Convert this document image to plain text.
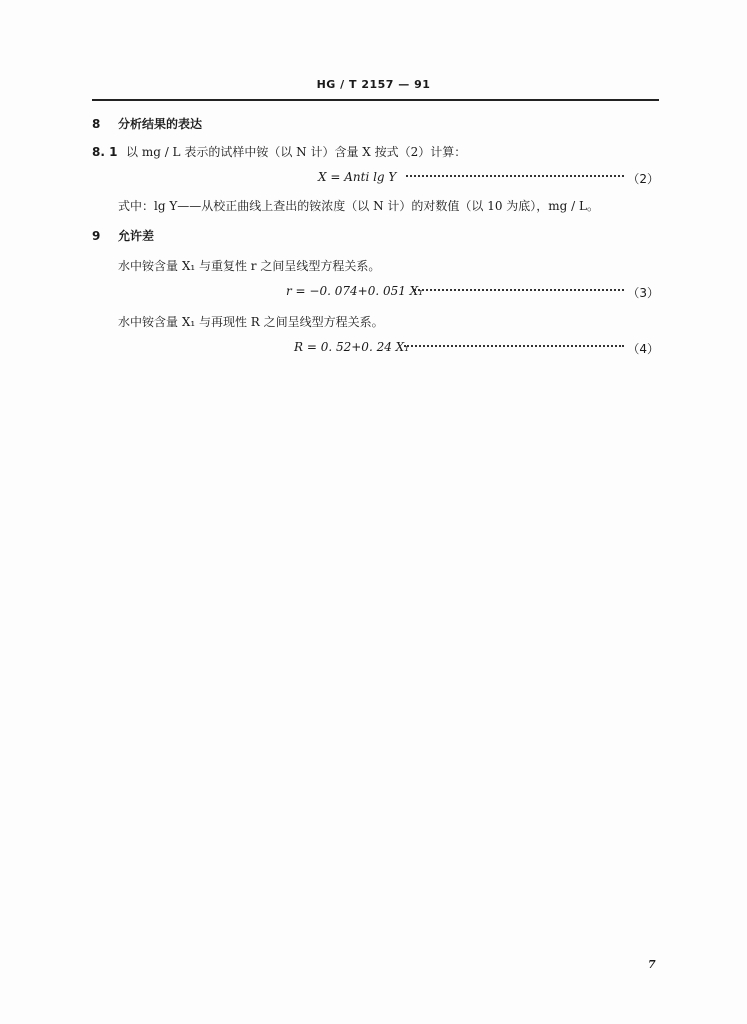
HG / T 2157 — 91
8 分析结果的表达
8. 1 以 mg / L 表示的试样中铵（以 N 计）含量 X 按式（2）计算：
X = Anti lg Y	（2）
式中：lg Y——从校正曲线上查出的铵浓度（以 N 计）的对数值（以 10 为底），mg / L。
9 允许差
水中铵含量 X₁ 与重复性 r 之间呈线型方程关系。
r = −0. 074+0. 051 X₁	（3）
水中铵含量 X₁ 与再现性 R 之间呈线型方程关系。
R = 0. 52+0. 24 X₁	（4）
7
